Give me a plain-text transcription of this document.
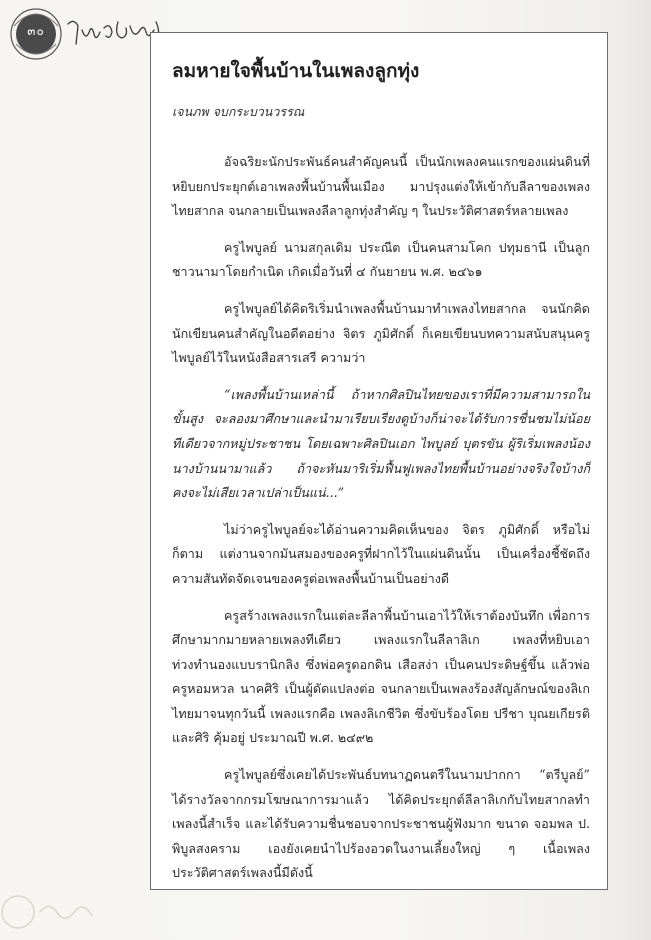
๓๐
ลมหายใจพื้นบ้านในเพลงลูกทุ่ง
เจนภพ จบกระบวนวรรณ

อัจฉริยะนักประพันธ์คนสำคัญคนนี้ เป็นนักเพลงคนแรกของแผ่นดินที่หยิบยกประยุกต์เอาเพลงพื้นบ้านพื้นเมือง มาปรุงแต่งให้เข้ากับลีลาของเพลงไทยสากล จนกลายเป็นเพลงลีลาลูกทุ่งสำคัญ ๆ ในประวัติศาสตร์หลายเพลง

ครูไพบูลย์ นามสกุลเดิม ประณีต เป็นคนสามโคก ปทุมธานี เป็นลูกชาวนามาโดยกำเนิด เกิดเมื่อวันที่ ๔ กันยายน พ.ศ. ๒๔๖๑

ครูไพบูลย์ได้คิดริเริ่มนำเพลงพื้นบ้านมาทำเพลงไทยสากล จนนักคิดนักเขียนคนสำคัญในอดีตอย่าง จิตร ภูมิศักดิ์ ก็เคยเขียนบทความสนับสนุนครูไพบูลย์ไว้ในหนังสือสารเสรี ความว่า

“เพลงพื้นบ้านเหล่านี้ ถ้าหากศิลปินไทยของเราที่มีความสามารถในขั้นสูง จะลองมาศึกษาและนำมาเรียบเรียงดูบ้างก็น่าจะได้รับการชื่นชมไม่น้อยทีเดียวจากหมู่ประชาชน โดยเฉพาะศิลปินเอก ไพบูลย์ บุตรขัน ผู้ริเริ่มเพลงน้องนางบ้านนามาแล้ว ถ้าจะหันมาริเริ่มฟื้นฟูเพลงไทยพื้นบ้านอย่างจริงใจบ้างก็คงจะไม่เสียเวลาเปล่าเป็นแน่...”

ไม่ว่าครูไพบูลย์จะได้อ่านความคิดเห็นของ จิตร ภูมิศักดิ์ หรือไม่ก็ตาม แต่งานจากมันสมองของครูที่ฝากไว้ในแผ่นดินนั้น เป็นเครื่องชี้ชัดถึงความสันทัดจัดเจนของครูต่อเพลงพื้นบ้านเป็นอย่างดี

ครูสร้างเพลงแรกในแต่ละลีลาพื้นบ้านเอาไว้ให้เราต้องบันทึก เพื่อการศึกษามากมายหลายเพลงทีเดียว เพลงแรกในลีลาลิเก เพลงที่หยิบเอาท่วงทำนองแบบรานิกลิง ซึ่งพ่อครูดอกดิน เสือสง่า เป็นคนประดิษฐ์ขึ้น แล้วพ่อครูหอมหวล นาคศิริ เป็นผู้ดัดแปลงต่อ จนกลายเป็นเพลงร้องสัญลักษณ์ของลิเกไทยมาจนทุกวันนี้ เพลงแรกคือ เพลงลิเกชีวิต ซึ่งขับร้องโดย ปรีชา บุณยเกียรติ และศิริ คุ้มอยู่ ประมาณปี พ.ศ. ๒๔๙๒

ครูไพบูลย์ซึ่งเคยได้ประพันธ์บทนาฏดนตรีในนามปากกา “ตรีบูลย์” ได้รางวัลจากกรมโฆษณาการมาแล้ว ได้คิดประยุกต์ลีลาลิเกกับไทยสากลทำเพลงนี้สำเร็จ และได้รับความชื่นชอบจากประชาชนผู้ฟังมาก ขนาด จอมพล ป. พิบูลสงคราม เองยังเคยนำไปร้องอวดในงานเลี้ยงใหญ่ ๆ เนื้อเพลงประวัติศาสตร์เพลงนี้มีดังนี้
